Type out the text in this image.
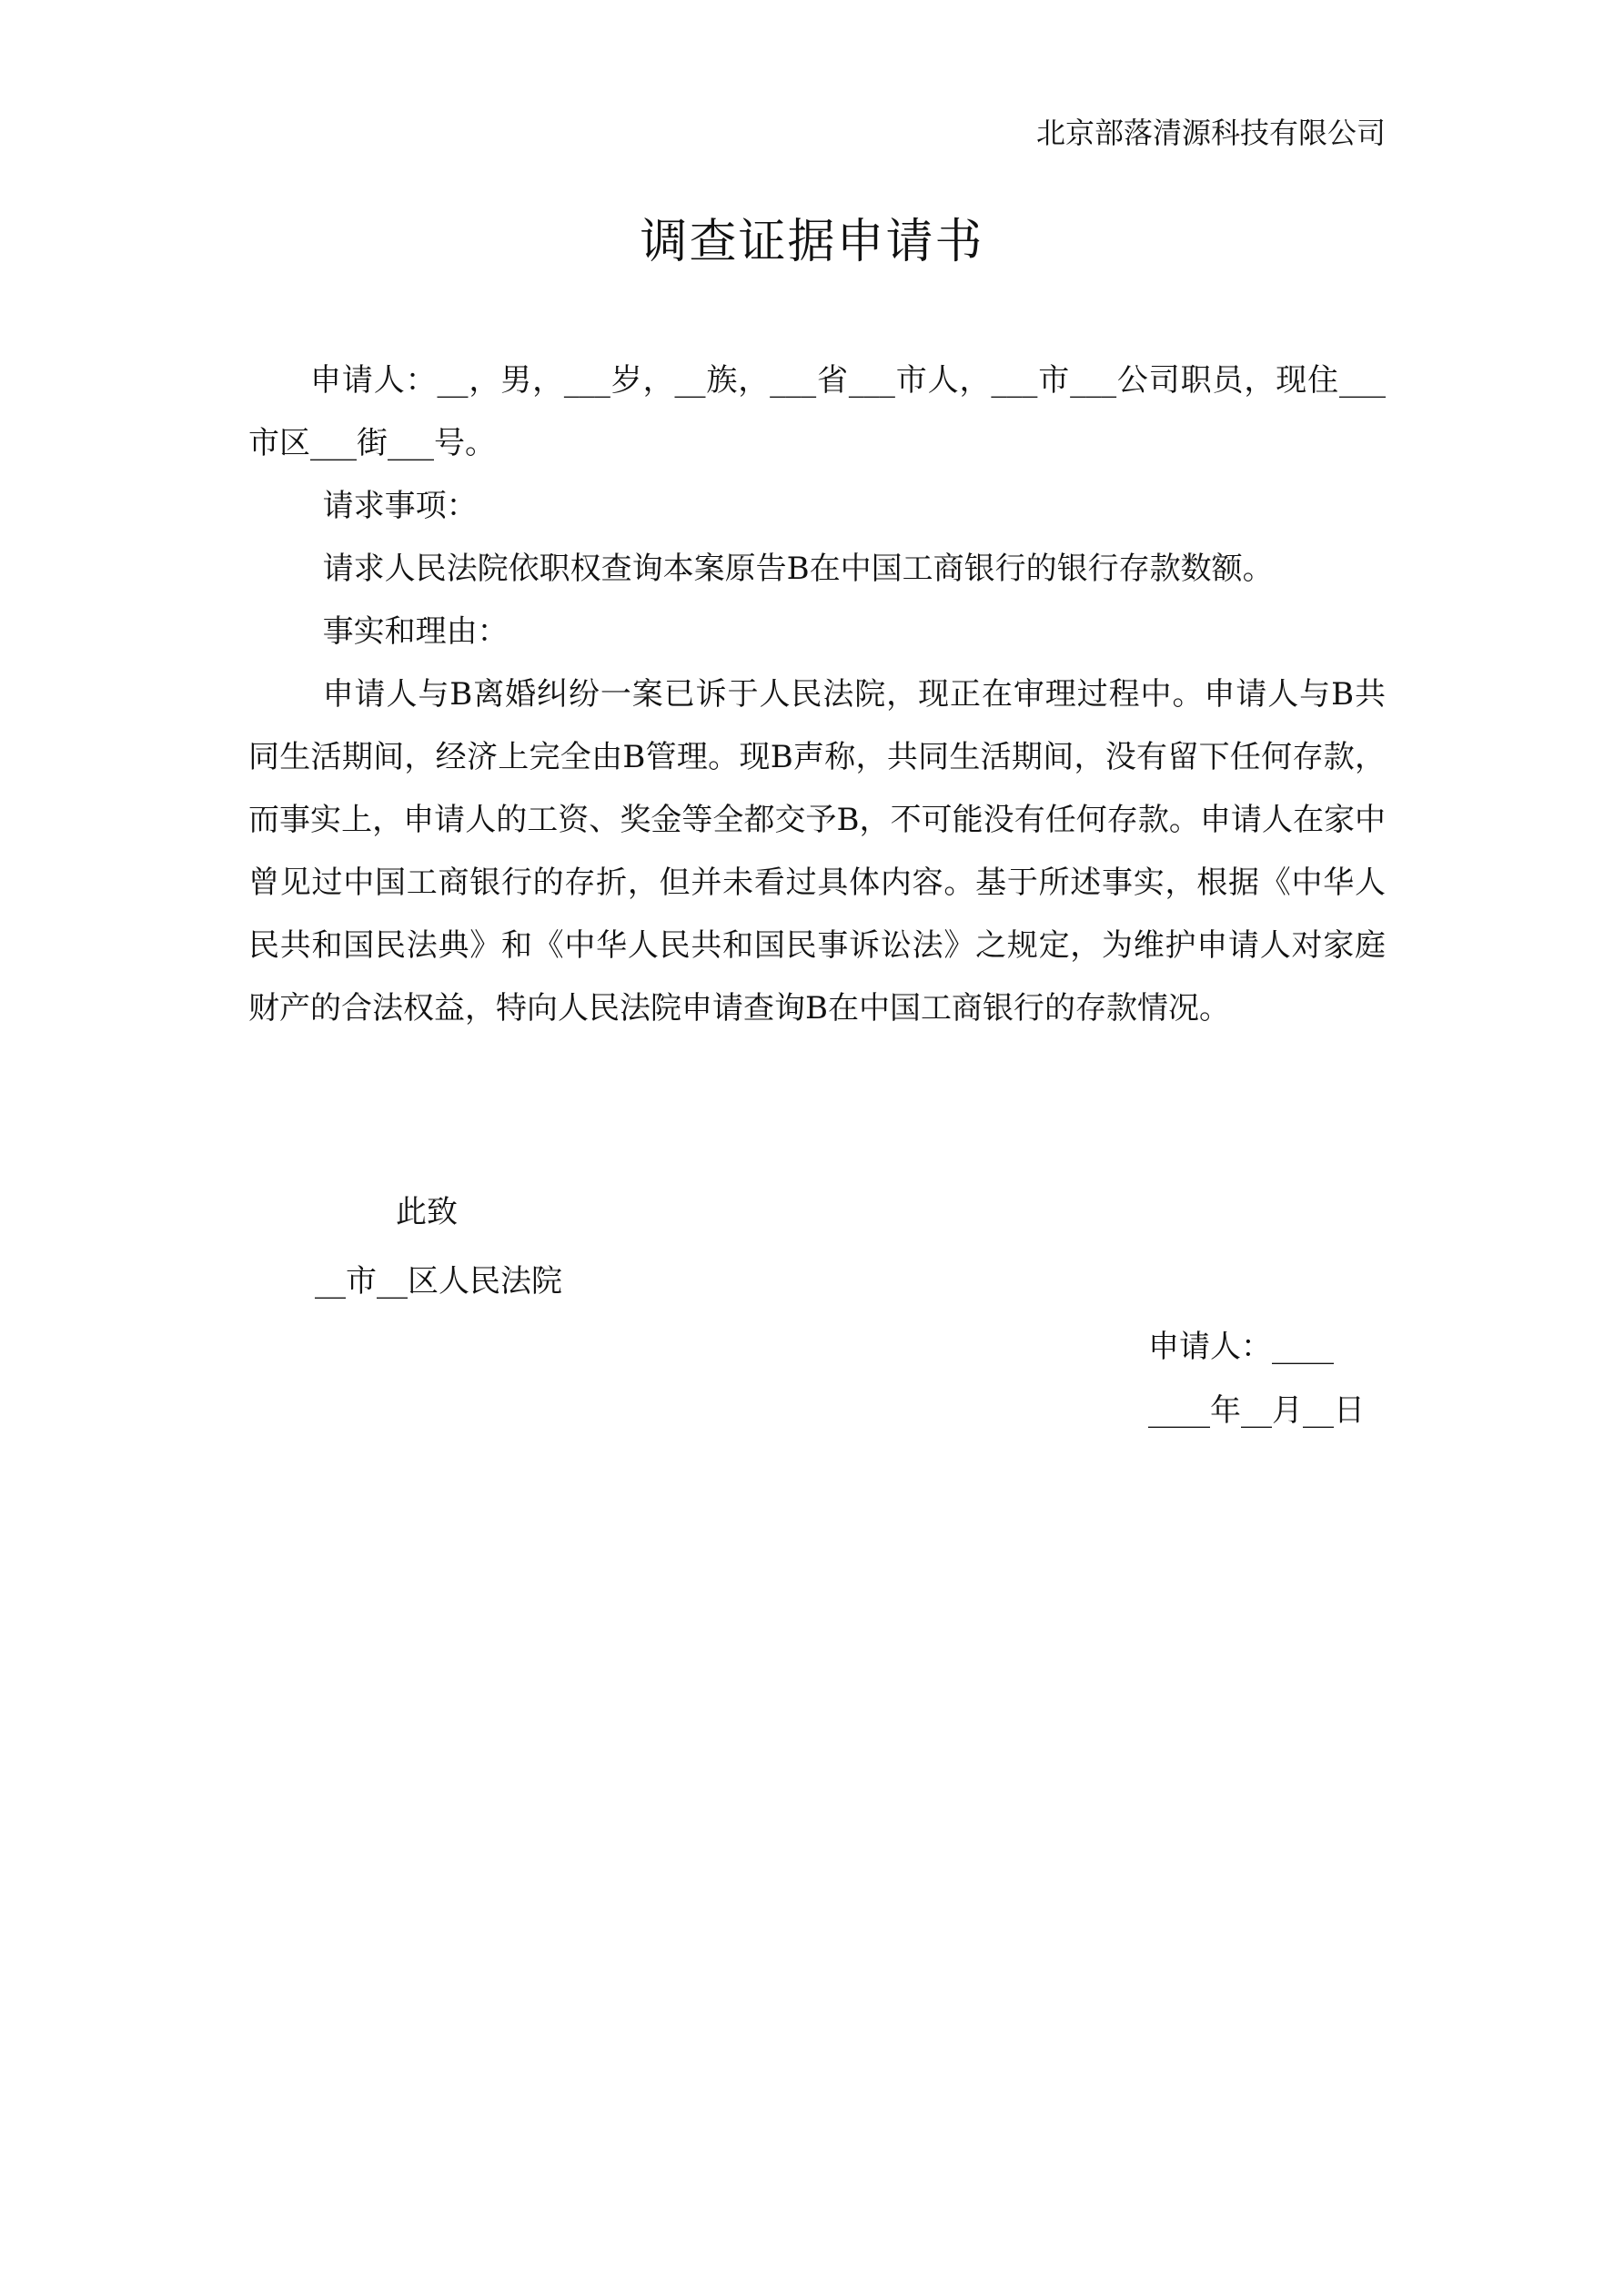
北京部落清源科技有限公司
调查证据申请书

申请人：__，男，___岁，__族，___省___市人，___市___公司职员，现住___市区___街___号。

请求事项：

请求人民法院依职权查询本案原告B在中国工商银行的银行存款数额。

事实和理由：

申请人与B离婚纠纷一案已诉于人民法院，现正在审理过程中。申请人与B共同生活期间，经济上完全由B管理。现B声称，共同生活期间，没有留下任何存款，而事实上，申请人的工资、奖金等全都交予B，不可能没有任何存款。申请人在家中曾见过中国工商银行的存折，但并未看过具体内容。基于所述事实，根据《中华人民共和国民法典》和《中华人民共和国民事诉讼法》之规定，为维护申请人对家庭财产的合法权益，特向人民法院申请查询B在中国工商银行的存款情况。

此致
__市__区人民法院
申请人：____
____年__月__日
